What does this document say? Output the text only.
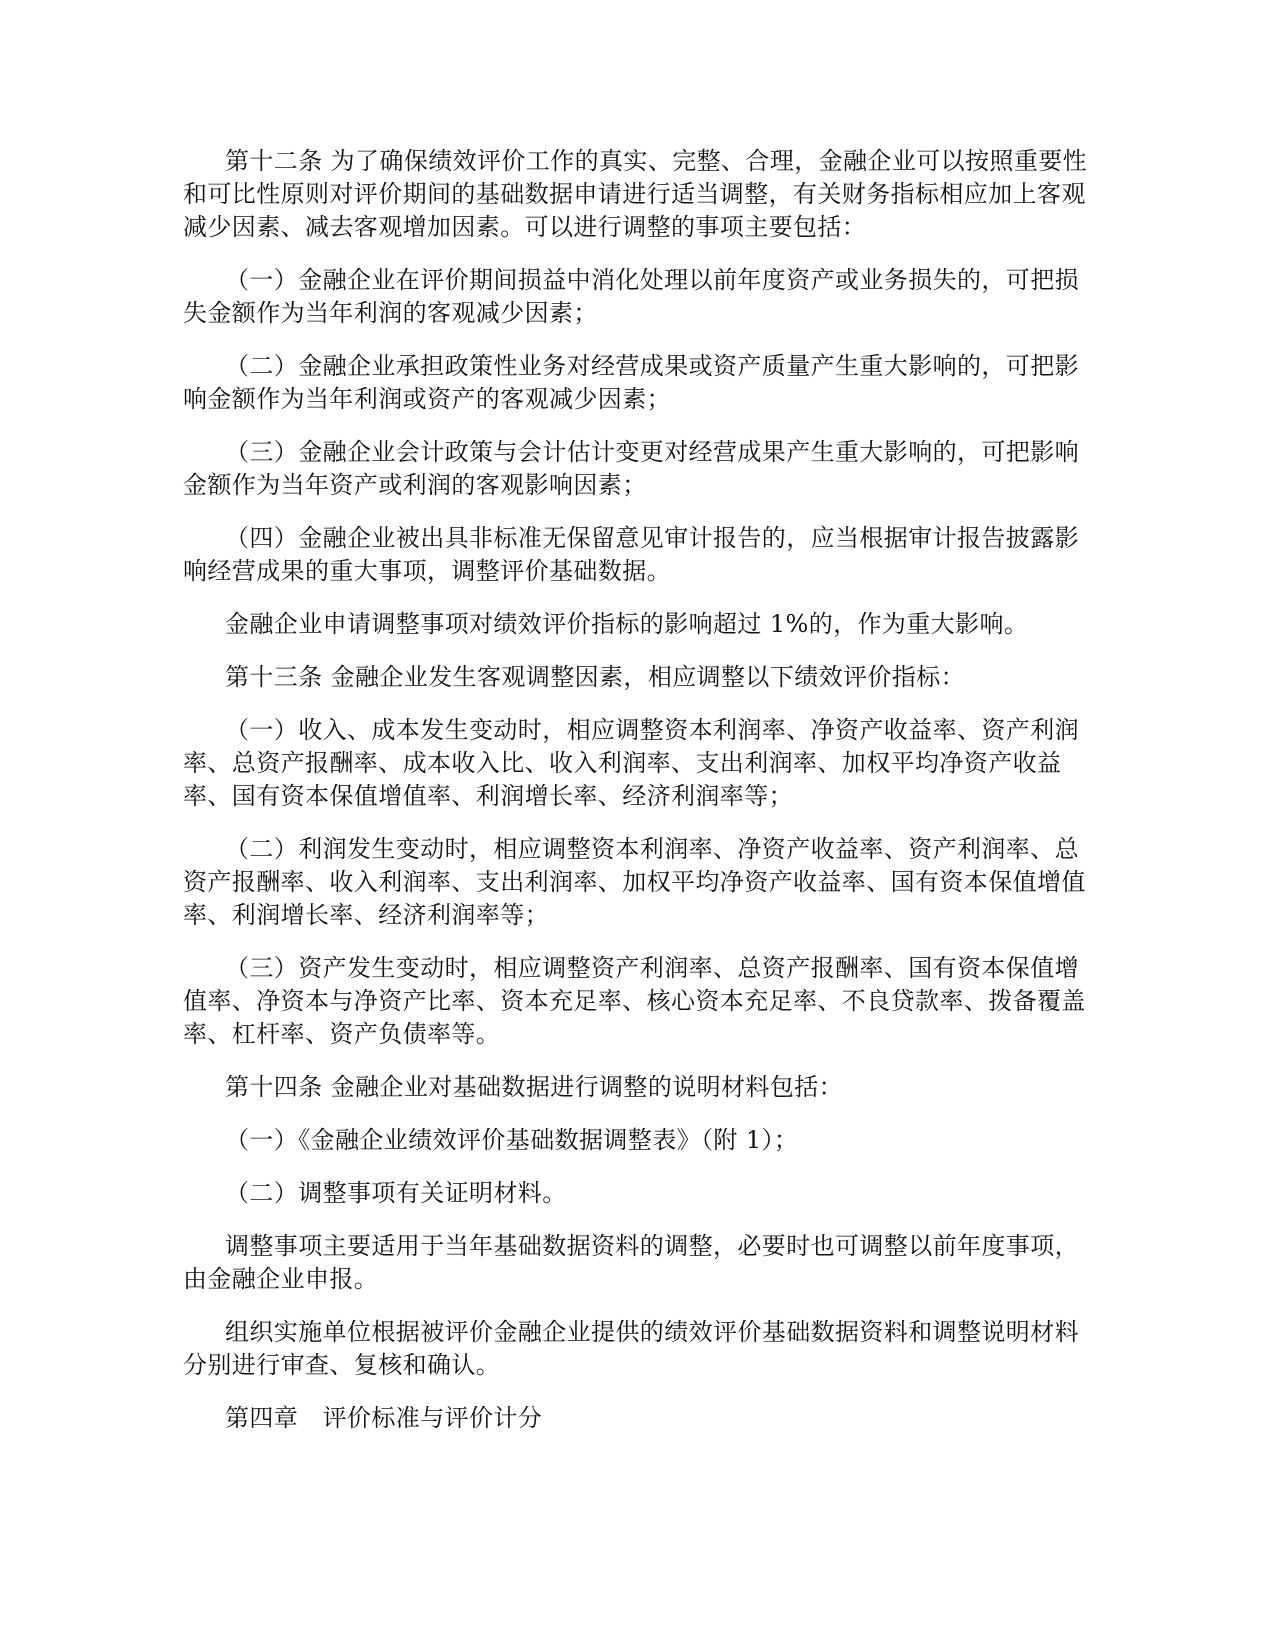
第十二条 为了确保绩效评价工作的真实、完整、合理，金融企业可以按照重要性和可比性原则对评价期间的基础数据申请进行适当调整，有关财务指标相应加上客观减少因素、减去客观增加因素。可以进行调整的事项主要包括：

（一）金融企业在评价期间损益中消化处理以前年度资产或业务损失的，可把损失金额作为当年利润的客观减少因素；

（二）金融企业承担政策性业务对经营成果或资产质量产生重大影响的，可把影响金额作为当年利润或资产的客观减少因素；

（三）金融企业会计政策与会计估计变更对经营成果产生重大影响的，可把影响金额作为当年资产或利润的客观影响因素；

（四）金融企业被出具非标准无保留意见审计报告的，应当根据审计报告披露影响经营成果的重大事项，调整评价基础数据。

金融企业申请调整事项对绩效评价指标的影响超过 1%的，作为重大影响。

第十三条 金融企业发生客观调整因素，相应调整以下绩效评价指标：

（一）收入、成本发生变动时，相应调整资本利润率、净资产收益率、资产利润率、总资产报酬率、成本收入比、收入利润率、支出利润率、加权平均净资产收益率、国有资本保值增值率、利润增长率、经济利润率等；

（二）利润发生变动时，相应调整资本利润率、净资产收益率、资产利润率、总资产报酬率、收入利润率、支出利润率、加权平均净资产收益率、国有资本保值增值率、利润增长率、经济利润率等；

（三）资产发生变动时，相应调整资产利润率、总资产报酬率、国有资本保值增值率、净资本与净资产比率、资本充足率、核心资本充足率、不良贷款率、拨备覆盖率、杠杆率、资产负债率等。

第十四条 金融企业对基础数据进行调整的说明材料包括：

（一）《金融企业绩效评价基础数据调整表》（附 1）；

（二）调整事项有关证明材料。

调整事项主要适用于当年基础数据资料的调整，必要时也可调整以前年度事项，由金融企业申报。

组织实施单位根据被评价金融企业提供的绩效评价基础数据资料和调整说明材料分别进行审查、复核和确认。

第四章　评价标准与评价计分
